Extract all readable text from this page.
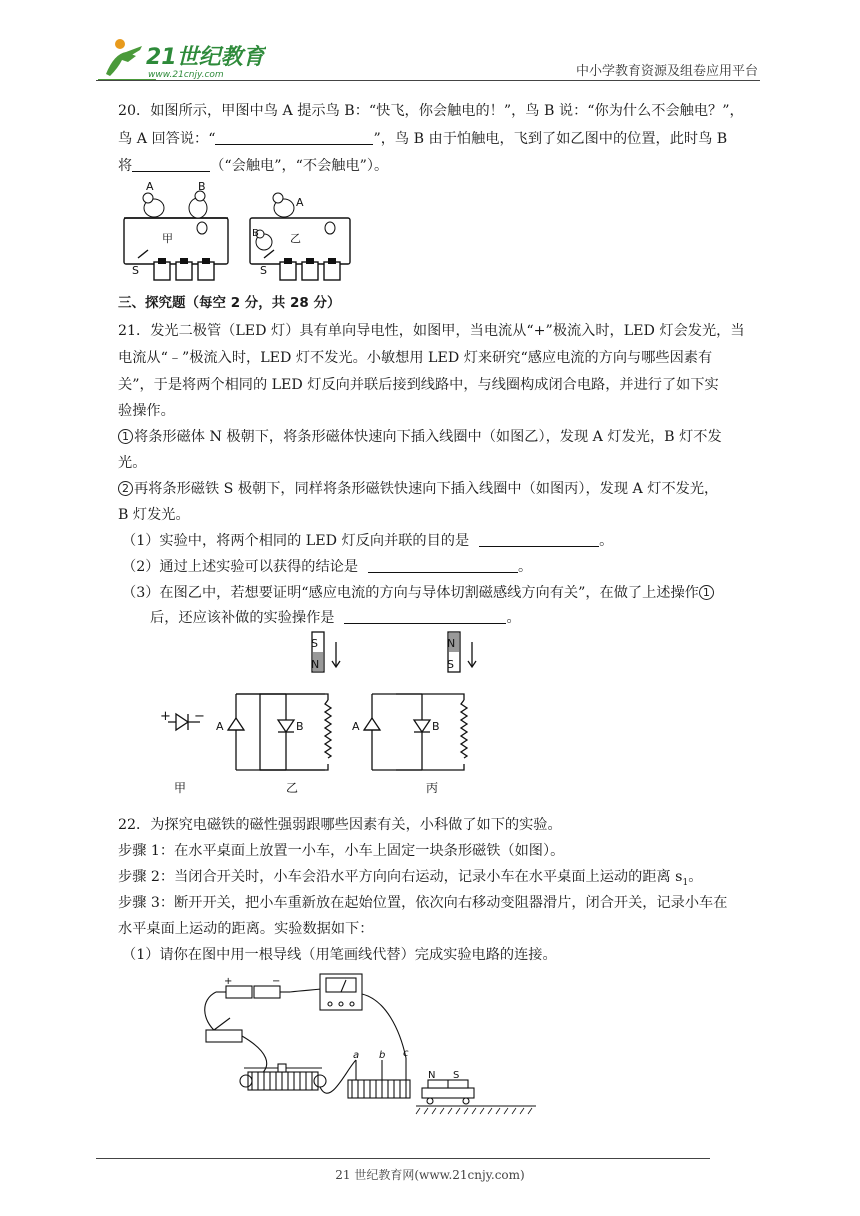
21世纪教育
www.21cnjy.com	中小学教育资源及组卷应用平台
20．如图所示，甲图中鸟 A 提示鸟 B：“快飞，你会触电的！”，鸟 B 说：“你为什么不会触电？”，
鸟 A 回答说：“	”，鸟 B 由于怕触电，飞到了如乙图中的位置，此时鸟 B
将	（“会触电”，“不会触电”）。
A	B
甲
S
A
B	乙
S
三、探究题（每空 2 分，共 28 分）
21．发光二极管（LED 灯）具有单向导电性，如图甲，当电流从“+”极流入时，LED 灯会发光，当
电流从“﹣”极流入时，LED 灯不发光。小敏想用 LED 灯来研究“感应电流的方向与哪些因素有
关”，于是将两个相同的 LED 灯反向并联后接到线路中，与线圈构成闭合电路，并进行了如下实
验操作。
1 将条形磁体 N 极朝下，将条形磁体快速向下插入线圈中（如图乙），发现 A 灯发光，B 灯不发
光。
2 再将条形磁铁 S 极朝下，同样将条形磁铁快速向下插入线圈中（如图丙），发现 A 灯不发光，
B 灯发光。
（1）实验中，将两个相同的 LED 灯反向并联的目的是	。
（2）通过上述实验可以获得的结论是	。
（3）在图乙中，若想要证明“感应电流的方向与导体切割磁感线方向有关”，在做了上述操作 1
后，还应该补做的实验操作是	。
+ −
甲
S
N
A	B
乙
N
S
A	B
丙
22．为探究电磁铁的磁性强弱跟哪些因素有关，小科做了如下的实验。
步骤 1：在水平桌面上放置一小车，小车上固定一块条形磁铁（如图）。
步骤 2：当闭合开关时，小车会沿水平方向向右运动，记录小车在水平桌面上运动的距离 $s_1$。
步骤 3：断开开关，把小车重新放在起始位置，依次向右移动变阻器滑片，闭合开关，记录小车在
水平桌面上运动的距离。实验数据如下：
（1）请你在图中用一根导线（用笔画线代替）完成实验电路的连接。
+	−
a b c
N S
21 世纪教育网(www.21cnjy.com)
